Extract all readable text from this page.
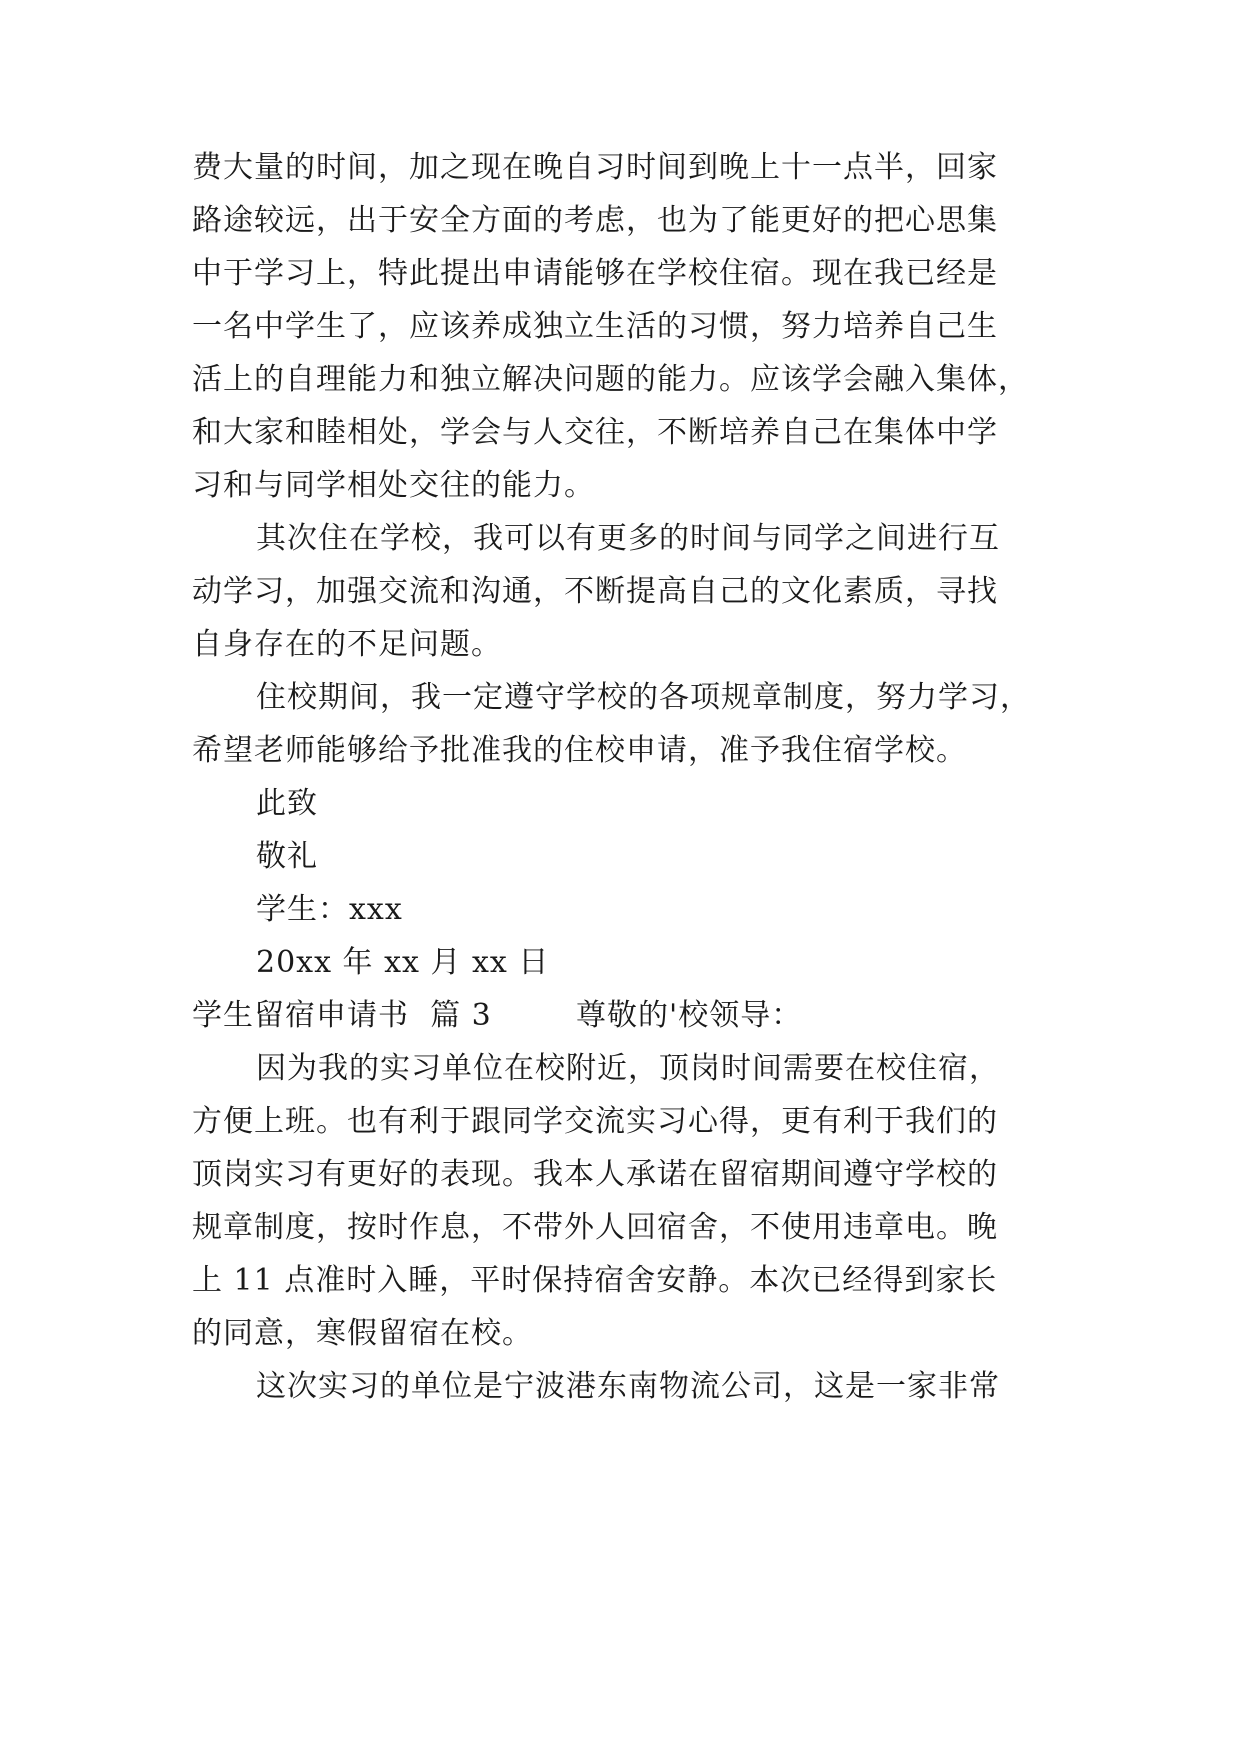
费大量的时间，加之现在晚自习时间到晚上十一点半，回家
路途较远，出于安全方面的考虑，也为了能更好的把心思集
中于学习上，特此提出申请能够在学校住宿。现在我已经是
一名中学生了，应该养成独立生活的习惯，努力培养自己生
活上的自理能力和独立解决问题的能力。应该学会融入集体，
和大家和睦相处，学会与人交往，不断培养自己在集体中学
习和与同学相处交往的能力。
其次住在学校，我可以有更多的时间与同学之间进行互
动学习，加强交流和沟通，不断提高自己的文化素质，寻找
自身存在的不足问题。
住校期间，我一定遵守学校的各项规章制度，努力学习，
希望老师能够给予批准我的住校申请，准予我住宿学校。
此致
敬礼
学生：xxx
20xx 年 xx 月 xx 日
学生留宿申请书  篇 3        尊敬的'校领导：
因为我的实习单位在校附近，顶岗时间需要在校住宿，
方便上班。也有利于跟同学交流实习心得，更有利于我们的
顶岗实习有更好的表现。我本人承诺在留宿期间遵守学校的
规章制度，按时作息，不带外人回宿舍，不使用违章电。晚
上 11 点准时入睡，平时保持宿舍安静。本次已经得到家长
的同意，寒假留宿在校。
这次实习的单位是宁波港东南物流公司，这是一家非常
